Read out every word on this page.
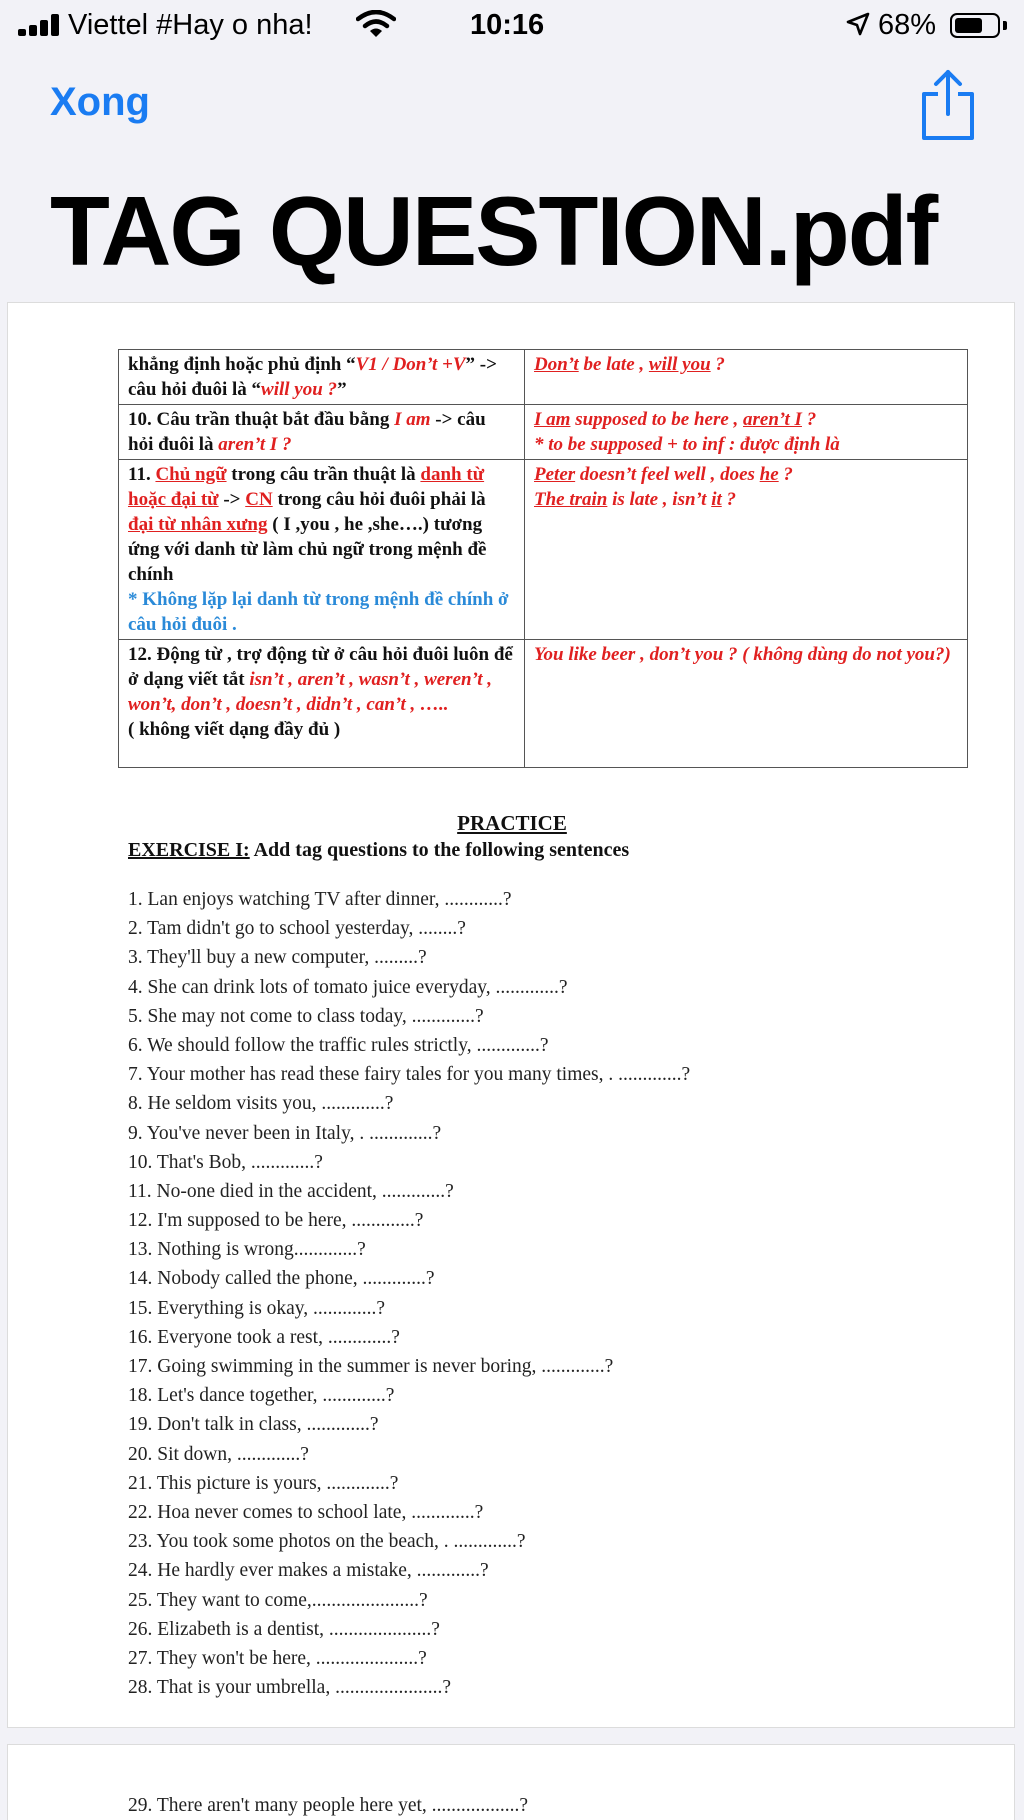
Viettel #Hay o nha!	10:16	68%
Xong
TAG QUESTION.pdf
khẳng định hoặc phủ định “V1 / Don’t +V” -> câu hỏi đuôi là “will you ?”	Don’t be late , will you ?
10. Câu trần thuật bắt đầu bằng I am -> câu hỏi đuôi là aren’t I ?	I am supposed to be here , aren’t I ?
* to be supposed + to inf : được định là
11. Chủ ngữ trong câu trần thuật là danh từ hoặc đại từ -> CN trong câu hỏi đuôi phải là đại từ nhân xưng ( I ,you , he ,she….) tương ứng với danh từ làm chủ ngữ trong mệnh đề chính
* Không lặp lại danh từ trong mệnh đề chính ở câu hỏi đuôi .	Peter doesn’t feel well , does he ?
The train is late , isn’t it ?
12. Động từ , trợ động từ ở câu hỏi đuôi luôn để ở dạng viết tắt isn’t , aren’t , wasn’t , weren’t , won’t, don’t , doesn’t , didn’t , can’t , …..
( không viết dạng đầy đủ )	You like beer , don’t you ? ( không dùng do not you?)
PRACTICE
EXERCISE I: Add tag questions to the following sentences
1. Lan enjoys watching TV after dinner, ............?
2. Tam didn't go to school yesterday, ........?
3. They'll buy a new computer, .........?
4. She can drink lots of tomato juice everyday, .............?
5. She may not come to class today, .............?
6. We should follow the traffic rules strictly, .............?
7. Your mother has read these fairy tales for you many times, . .............?
8. He seldom visits you, .............?
9. You've never been in Italy, . .............?
10. That's Bob, .............?
11. No-one died in the accident, .............?
12. I'm supposed to be here, .............?
13. Nothing is wrong.............?
14. Nobody called the phone, .............?
15. Everything is okay, .............?
16. Everyone took a rest, .............?
17. Going swimming in the summer is never boring, .............?
18. Let's dance together, .............?
19. Don't talk in class, .............?
20. Sit down, .............?
21. This picture is yours, .............?
22. Hoa never comes to school late, .............?
23. You took some photos on the beach, . .............?
24. He hardly ever makes a mistake, .............?
25. They want to come,......................?
26. Elizabeth is a dentist, .....................?
27. They won't be here, .....................?
28. That is your umbrella, ......................?
29. There aren't many people here yet, ..................?
